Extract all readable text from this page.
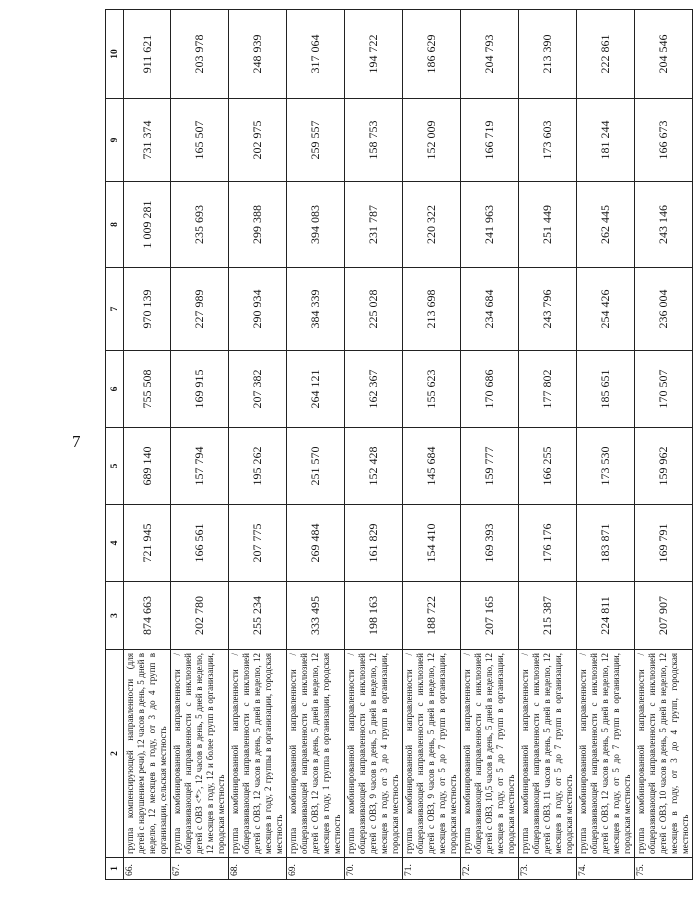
7
1	2	3	4	5	6	7	8	9	10
66.	группа компенсирующей направленности (для детей с нарушением речи), 12 часов в день, 5 дней в неделю, 12 месяцев в году, от 3 до 4 групп в организации, сельская местность	874 663	721 945	689 140	755 508	970 139	1 009 281	731 374	911 621
67.	группа комбинированной направленности / общеразвивающей направленности с инклюзией детей с ОВЗ <*>, 12 часов в день, 5 дней в неделю, 12 месяцев в году, 12 и более групп в организации, городская местность	202 780	166 561	157 794	169 915	227 989	235 693	165 507	203 978
68.	группа комбинированной направленности / общеразвивающей направленности с инклюзией детей с ОВЗ, 12 часов в день, 5 дней в неделю, 12 месяцев в году, 2 группы в организации, городская местность	255 234	207 775	195 262	207 382	290 934	299 388	202 975	248 939
69.	группа комбинированной направленности / общеразвивающей направленности с инклюзией детей с ОВЗ, 12 часов в день, 5 дней в неделю, 12 месяцев в году, 1 группа в организации, городская местность	333 495	269 484	251 570	264 121	384 339	394 083	259 557	317 064
70.	группа комбинированной направленности / общеразвивающей направленности с инклюзией детей с ОВЗ, 9 часов в день, 5 дней в неделю, 12 месяцев в году, от 3 до 4 групп в организации, городская местность	198 163	161 829	152 428	162 367	225 028	231 787	158 753	194 722
71.	группа комбинированной направленности / общеразвивающей направленности с инклюзией детей с ОВЗ, 9 часов в день, 5 дней в неделю, 12 месяцев в году, от 5 до 7 групп в организации, городская местность	188 722	154 410	145 684	155 623	213 698	220 322	152 009	186 629
72.	группа комбинированной направленности / общеразвивающей направленности с инклюзией детей с ОВЗ, 10,5 часов в день, 5 дней в неделю, 12 месяцев в году, от 5 до 7 групп в организации, городская местность	207 165	169 393	159 777	170 686	234 684	241 963	166 719	204 793
73.	группа комбинированной направленности / общеразвивающей направленности с инклюзией детей с ОВЗ, 11 часов в день, 5 дней в неделю, 12 месяцев в году, от 5 до 7 групп в организации, городская местность	215 387	176 176	166 255	177 802	243 796	251 449	173 603	213 390
74.	группа комбинированной направленности / общеразвивающей направленности с инклюзией детей с ОВЗ, 12 часов в день, 5 дней в неделю, 12 месяцев в году, от 5 до 7 групп в организации, городская местность	224 811	183 871	173 530	185 651	254 426	262 445	181 244	222 861
75.	группа комбинированной направленности / общеразвивающей направленности с инклюзией детей с ОВЗ, 10 часов в день, 5 дней в неделю, 12 месяцев в году, от 3 до 4 групп, городская местность	207 907	169 791	159 962	170 507	236 004	243 146	166 673	204 546
